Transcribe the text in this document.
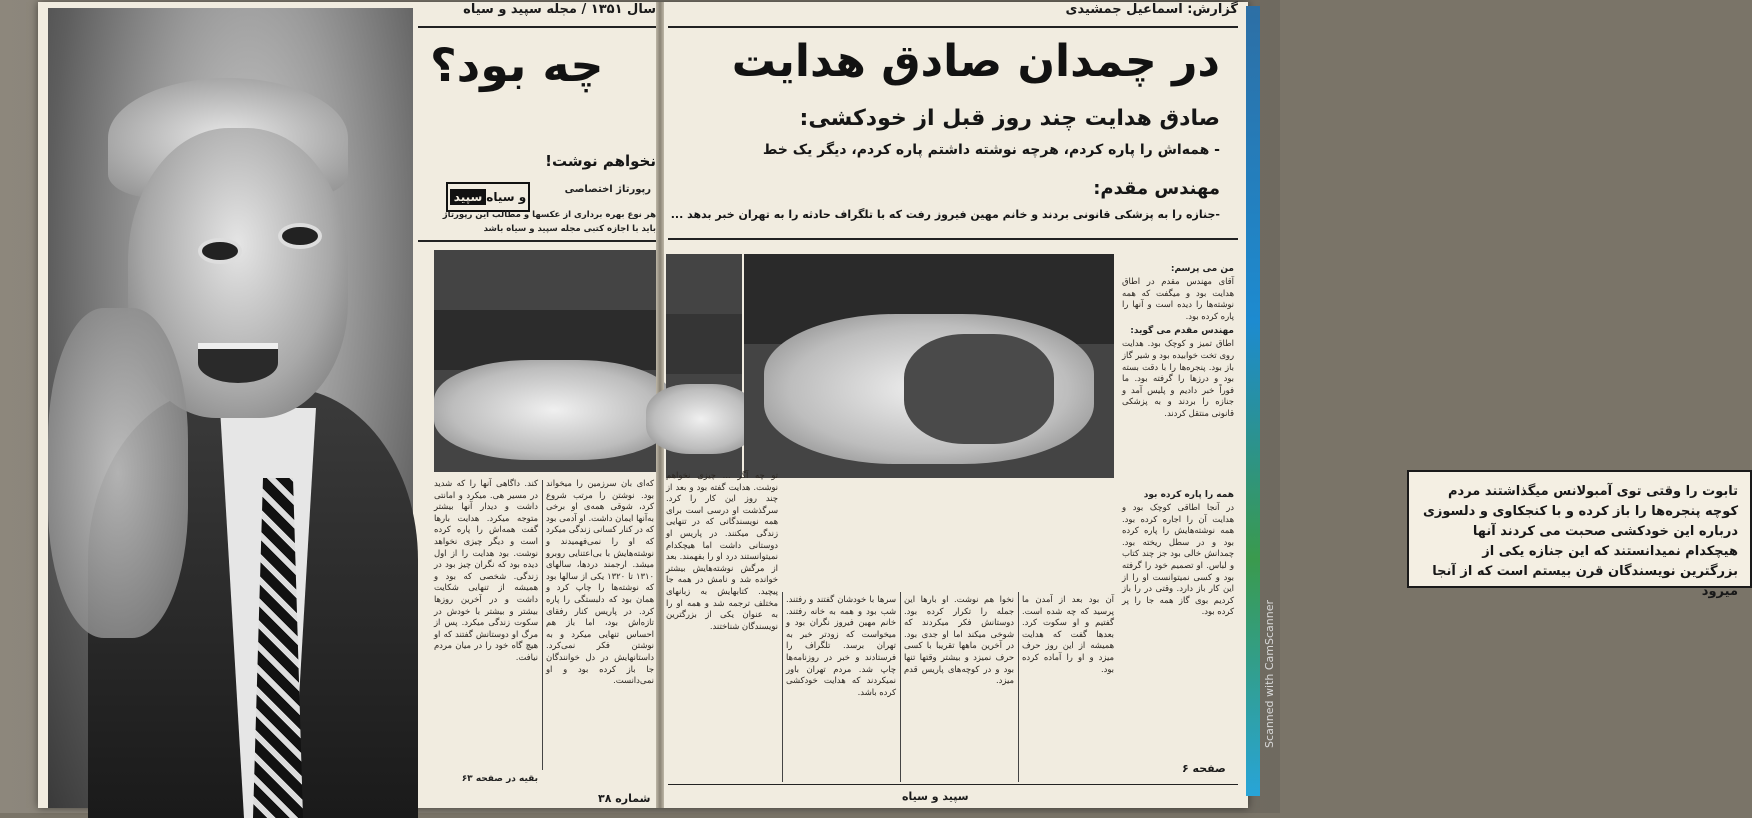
سال ۱۳۵۱ / مجله سپید و سیاه
چه بود؟
نخواهم نوشت!
سپید و سیاه
رپورتاژ اختصاصی
هر نوع بهره برداری از عکسها و مطالب این رپورتاژ
باید با اجازه کتبی مجله سپید و سیاه باشد

که‌ای بان سرزمین را میخواند بود. نوشتن را مرتب شروع کرد، شوقی همه‌ی او برخی به‌آنها ایمان داشت. او آدمی بود که در کنار کسانی زندگی میکرد که او را نمی‌فهمیدند و نوشته‌هایش با بی‌اعتنایی روبرو میشد. ارجمند دردها، سالهای ۱۳۱۰ تا ۱۳۲۰ یکی از سالها بود که نوشته‌ها را چاپ کرد و همان بود که دلبستگی را پاره کرد. در پاریس کنار رفقای تازه‌اش بود، اما باز هم احساس تنهایی میکرد و به نوشتن فکر نمی‌کرد. داستانهایش در دل خوانندگان جا باز کرده بود و او نمی‌دانست.

کند. داگاهی آنها را که شدید در مسیر هی. میکرد و امانتی داشت و دیدار آنها بیشتر متوجه میکرد. هدایت بارها گفت همه‌اش را پاره کرده است و دیگر چیزی نخواهد نوشت. بود هدایت را از اول دیده بود که نگران چیز بود در زندگی. شخصی که بود و همیشه از تنهایی شکایت داشت و در آخرین روزها بیشتر و بیشتر با خودش در سکوت زندگی میکرد. پس از مرگ او دوستانش گفتند که او هیچ گاه خود را در میان مردم نیافت.

بقیه در صفحه ۶۳
شماره ۳۸
گزارش: اسماعیل جمشیدی
در چمدان صادق هدایت
صادق هدایت چند روز قبل از خودکشی:
- همه‌اش را پاره کردم، هرچه نوشته داشتم پاره کردم، دیگر یک خط
مهندس مقدم:
-جنازه را به پزشکی قانونی بردند و خانم مهین فیروز رفت که با تلگراف حادثه را به تهران خبر بدهد ...
من می پرسم:

آقای مهندس مقدم در اطاق هدایت بود و میگفت که همه نوشته‌ها را دیده است و آنها را پاره کرده بود.

مهندس مقدم می گوید:

اطاق تمیز و کوچک بود. هدایت روی تخت خوابیده بود و شیر گاز باز بود. پنجره‌ها را با دقت بسته بود و درزها را گرفته بود. ما فوراً خبر دادیم و پلیس آمد و جنازه را بردند و به پزشکی قانونی منتقل کردند.

تابوت را وقتی توی آمبولانس میگذاشتند مردم کوچه پنجره‌ها را باز کرده و با کنجکاوی و دلسوزی درباره این خودکشی صحبت می کردند آنها هیچکدام نمیدانستند که این جنازه یکی از بزرگترین نویسندگان قرن بیستم است که از آنجا میرود

تو چه آگر ... چیزی نخواهم نوشت. هدایت گفته بود و بعد از چند روز این کار را کرد. سرگذشت او درسی است برای همه نویسندگانی که در تنهایی زندگی میکنند. در پاریس او دوستانی داشت اما هیچکدام نمیتوانستند درد او را بفهمند. بعد از مرگش نوشته‌هایش بیشتر خوانده شد و نامش در همه جا پیچید. کتابهایش به زبانهای مختلف ترجمه شد و همه او را به عنوان یکی از بزرگترین نویسندگان شناختند.

سرها با خودشان گفتند و رفتند. شب بود و همه به خانه رفتند. خانم مهین فیروز نگران بود و میخواست که زودتر خبر به تهران برسد. تلگراف را فرستادند و خبر در روزنامه‌ها چاپ شد. مردم تهران باور نمیکردند که هدایت خودکشی کرده باشد.

نخوا هم نوشت. او بارها این جمله را تکرار کرده بود. دوستانش فکر میکردند که شوخی میکند اما او جدی بود. در آخرین ماهها تقریبا با کسی حرف نمیزد و بیشتر وقتها تنها بود و در کوچه‌های پاریس قدم میزد.

آن بود بعد از آمدن ما پرسید که چه شده است. گفتیم و او سکوت کرد. بعدها گفت که هدایت همیشه از این روز حرف میزد و او را آماده کرده بود.

همه را پاره کرده بود

در آنجا اطاقی کوچک بود و هدایت آن را اجاره کرده بود. همه نوشته‌هایش را پاره کرده بود و در سطل ریخته بود. چمدانش خالی بود جز چند کتاب و لباس. او تصمیم خود را گرفته بود و کسی نمیتوانست او را از این کار باز دارد. وقتی در را باز کردیم بوی گاز همه جا را پر کرده بود.

سپید و سیاه
صفحه ۶
Scanned with CamScanner
